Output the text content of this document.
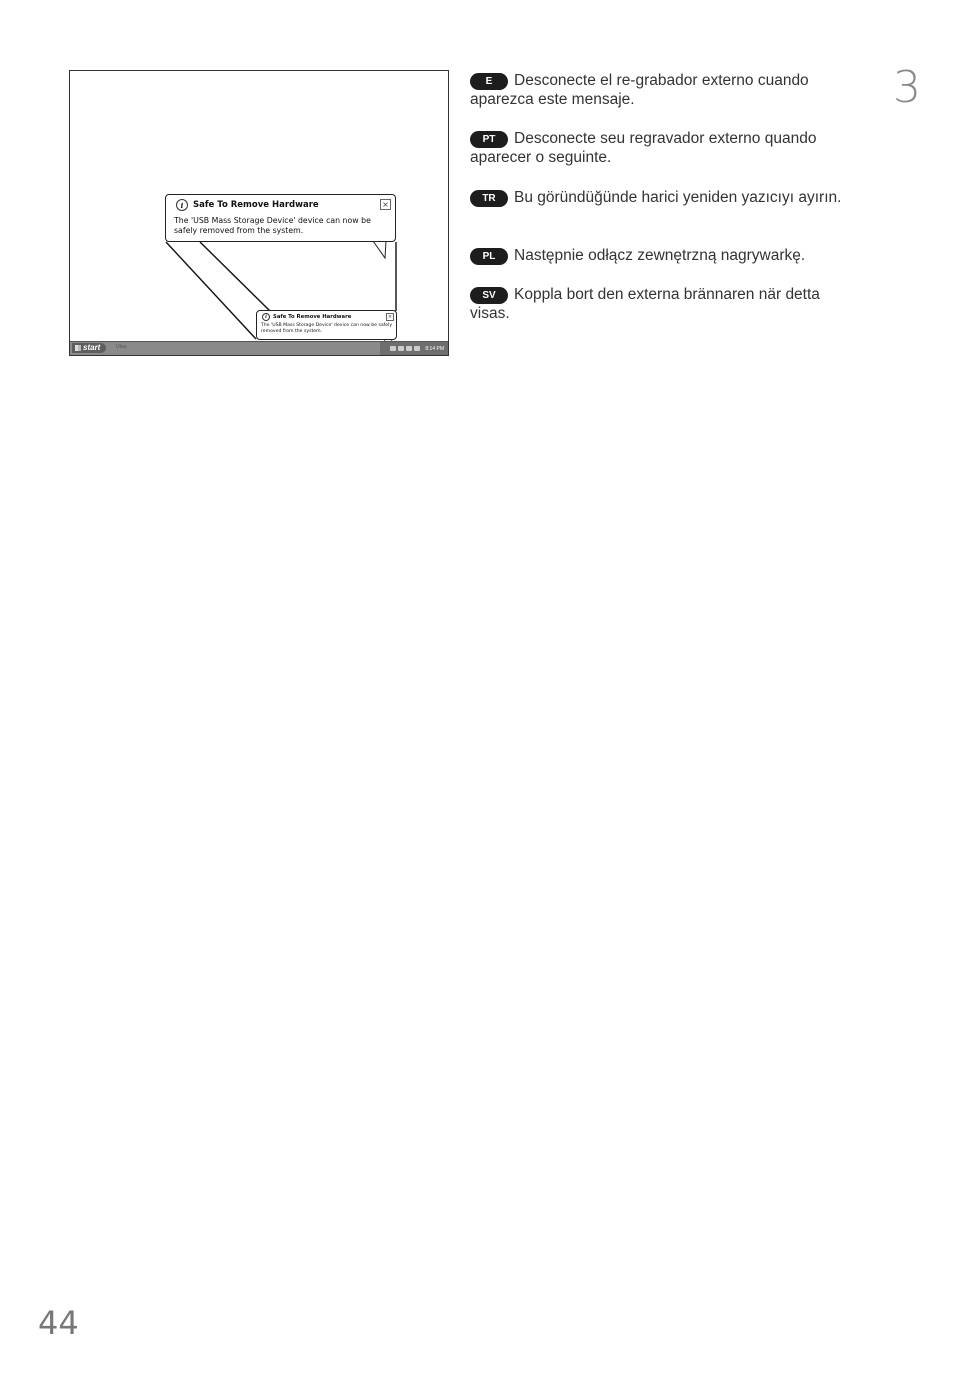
i	Safe To Remove Hardware	×
The 'USB Mass Storage Device' device can now be safely removed from the system.
i	Safe To Remove Hardware	×
The 'USB Mass Storage Device' device can now be safely removed from the system.
start	Ulea	8:14 PM
E Desconecte el re-grabador externo cuando aparezca este mensaje.
PT Desconecte seu regravador externo quando aparecer o seguinte.
TR Bu göründüğünde harici yeniden yazıcıyı ayırın.
PL Następnie odłącz zewnętrzną nagrywarkę.
SV Koppla bort den externa brännaren när detta visas.
3
44
